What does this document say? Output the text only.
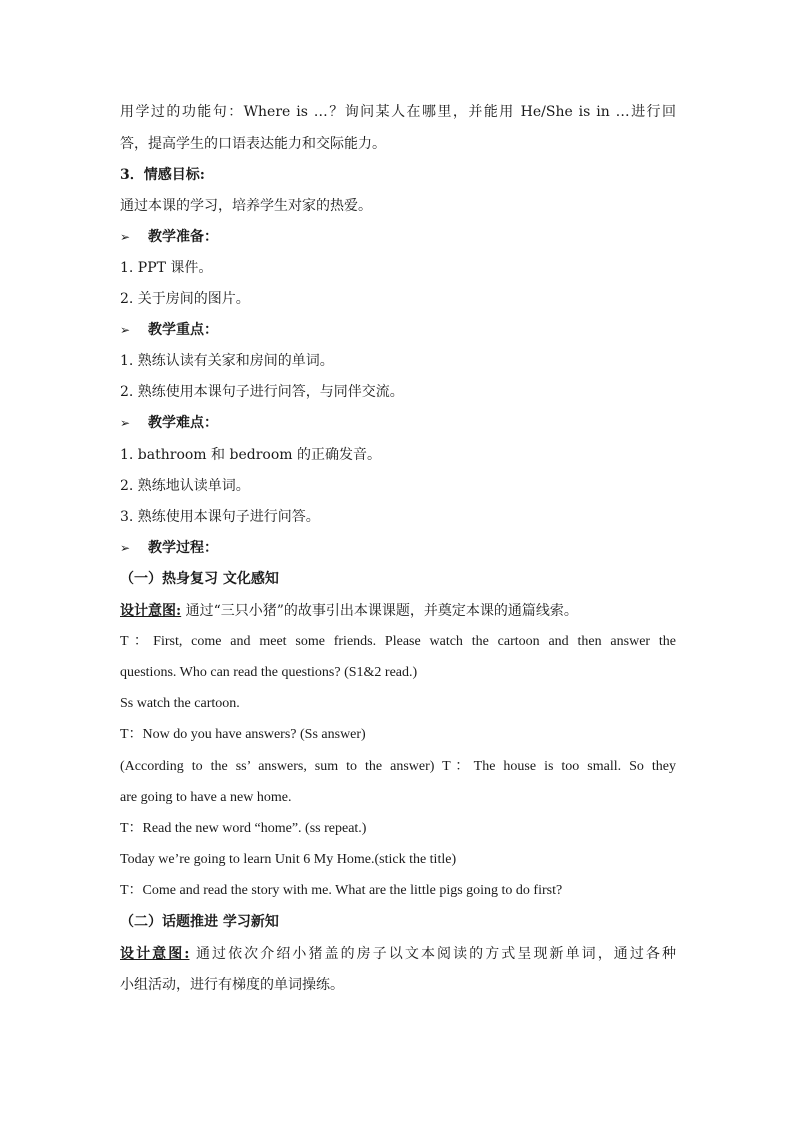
用学过的功能句：Where is …？询问某人在哪里，并能用 He/She is in …进行回
答，提高学生的口语表达能力和交际能力。
3．情感目标:
通过本课的学习，培养学生对家的热爱。
➢ 教学准备：
1. PPT 课件。
2. 关于房间的图片。
➢ 教学重点：
1. 熟练认读有关家和房间的单词。
2. 熟练使用本课句子进行问答，与同伴交流。
➢ 教学难点：
1. bathroom 和 bedroom 的正确发音。
2. 熟练地认读单词。
3. 熟练使用本课句子进行问答。
➢ 教学过程：
（一）热身复习 文化感知
设计意图: 通过“三只小猪”的故事引出本课课题，并奠定本课的通篇线索。
T：First, come and meet some friends. Please watch the cartoon and then answer the
questions. Who can read the questions? (S1&2 read.)
Ss watch the cartoon.
T：Now do you have answers? (Ss answer)
(According to the ss’ answers, sum to the answer) T：The house is too small. So they
are going to have a new home.
T：Read the new word “home”. (ss repeat.)
Today we’re going to learn Unit 6 My Home.(stick the title)
T：Come and read the story with me. What are the little pigs going to do first?
（二）话题推进 学习新知
设计意图: 通过依次介绍小猪盖的房子以文本阅读的方式呈现新单词，通过各种
小组活动，进行有梯度的单词操练。
